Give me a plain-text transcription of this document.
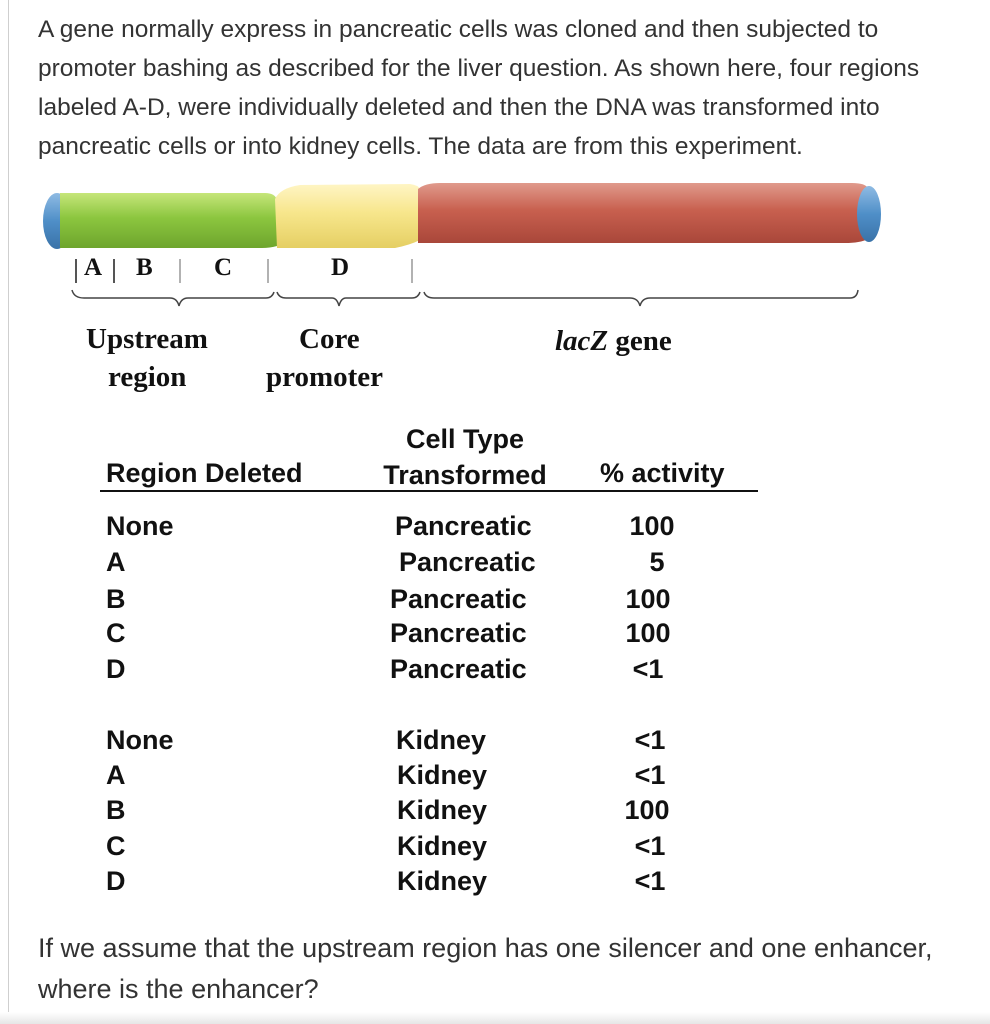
A gene normally express in pancreatic cells was cloned and then subjected to promoter bashing as described for the liver question. As shown here, four regions labeled A-D, were individually deleted and then the DNA was transformed into pancreatic cells or into kidney cells. The data are from this experiment.

A B C	D
Upstream
region
Core
promoter
lacZ gene
Region Deleted
Cell Type
Transformed	% activity
None	Pancreatic	100
A	Pancreatic	5
B	Pancreatic	100
C	Pancreatic	100
D	Pancreatic	<1
None	Kidney	<1
A	Kidney	<1
B	Kidney	100
C	Kidney	<1
D	Kidney	<1

If we assume that the upstream region has one silencer and one enhancer, where is the enhancer?
